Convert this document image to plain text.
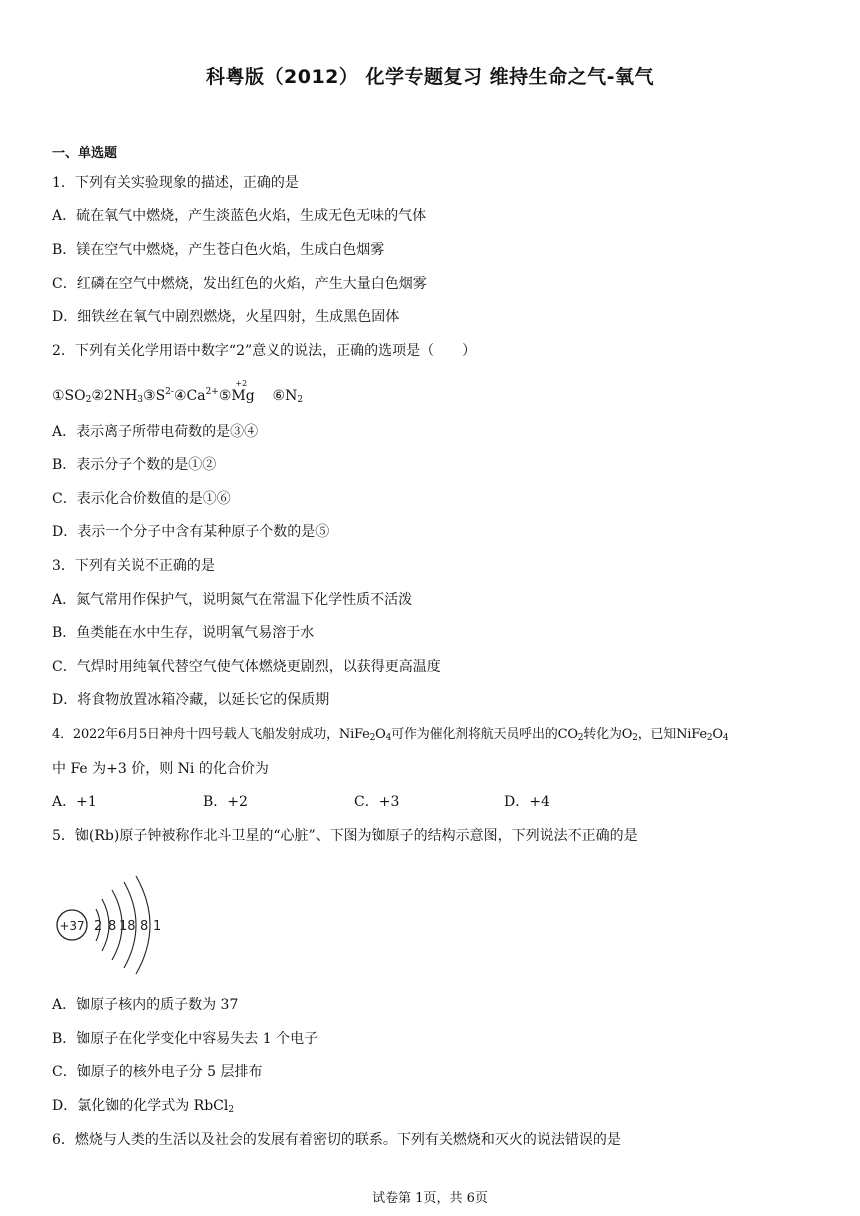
科粤版（2012） 化学专题复习 维持生命之气-氧气
一、单选题
1．下列有关实验现象的描述，正确的是
A．硫在氧气中燃烧，产生淡蓝色火焰，生成无色无味的气体
B．镁在空气中燃烧，产生苍白色火焰，生成白色烟雾
C．红磷在空气中燃烧，发出红色的火焰，产生大量白色烟雾
D．细铁丝在氧气中剧烈燃烧，火星四射，生成黑色固体
2．下列有关化学用语中数字“2”意义的说法，正确的选项是（　　）
$①SO_2②2NH_3③S^{2-}④Ca^{2+}⑤$
+2
Mg $⑥N_2$
A．表示离子所带电荷数的是③④
B．表示分子个数的是①②
C．表示化合价数值的是①⑥
D．表示一个分子中含有某种原子个数的是⑤
3．下列有关说不正确的是
A．氮气常用作保护气，说明氮气在常温下化学性质不活泼
B．鱼类能在水中生存，说明氧气易溶于水
C．气焊时用纯氧代替空气使气体燃烧更剧烈，以获得更高温度
D．将食物放置冰箱冷藏，以延长它的保质期
4．2022年6月5日神舟十四号载人飞船发射成功，$NiFe_2O_4$可作为催化剂将航天员呼出的$CO_2$转化为$O_2$，已知$NiFe_2O_4$
中 Fe 为+3 价，则 Ni 的化合价为
A．+1	B．+2	C．+3	D．+4
5．铷(Rb)原子钟被称作北斗卫星的“心脏”、下图为铷原子的结构示意图，下列说法不正确的是
+37 2 8 18 8 1
A．铷原子核内的质子数为 37
B．铷原子在化学变化中容易失去 1 个电子
C．铷原子的核外电子分 5 层排布
D．氯化铷的化学式为 RbCl$_2$
6．燃烧与人类的生活以及社会的发展有着密切的联系。下列有关燃烧和灭火的说法错误的是
试卷第 1页，共 6页
